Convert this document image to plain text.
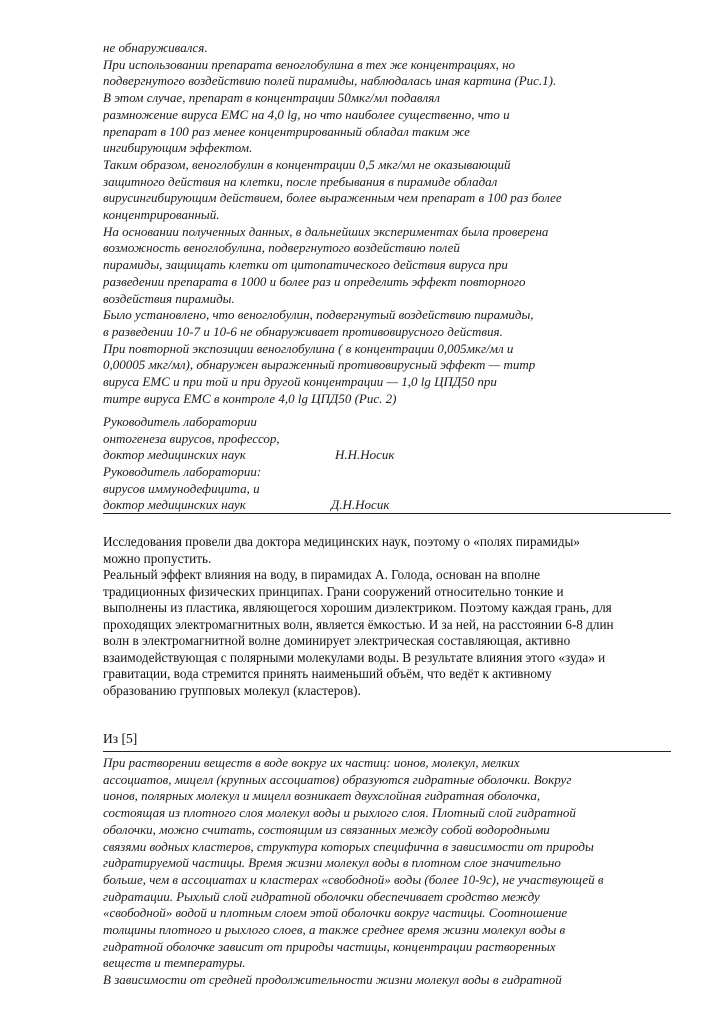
не обнаруживался.
При использовании препарата веноглобулина в тех же концентрациях, но
подвергнутого воздействию полей пирамиды, наблюдалась иная картина (Рис.1).
В этом случае, препарат в концентрации 50мкг/мл подавлял
размножение вируса ЕМС на 4,0 lg, но что наиболее существенно, что и
препарат в 100 раз менее концентрированный обладал таким же
ингибирующим эффектом.
Таким образом, веноглобулин в концентрации 0,5 мкг/мл не оказывающий
защитного действия на клетки, после пребывания в пирамиде обладал
вирусингибирующим действием, более выраженным чем препарат в 100 раз более
концентрированный.
На основании полученных данных, в дальнейших экспериментах была проверена
возможность веноглобулина, подвергнутого воздействию полей
пирамиды, защищать клетки от цитопатического действия вируса при
разведении препарата в 1000 и более раз и определить эффект повторного
воздействия пирамиды.
Было установлено, что веноглобулин, подвергнутый воздействию пирамиды,
в разведении 10-7 и 10-6 не обнаруживает противовирусного действия.
При повторной экспозиции веноглобулина ( в концентрации 0,005мкг/мл и
0,00005 мкг/мл), обнаружен выраженный противовирусный эффект — титр
вируса ЕМС и при той и при другой концентрации — 1,0 lg ЦПД50 при
титре вируса ЕМС в контроле 4,0 lg ЦПД50 (Рис. 2)
Руководитель лаборатории
онтогенеза вирусов, профессор,
доктор медицинских наук	Н.Н.Носик
Руководитель лаборатории:
вирусов иммунодефицита, и
доктор медицинских наук	Д.Н.Носик
Исследования провели два доктора медицинских наук, поэтому о «полях пирамиды»
можно пропустить.
Реальный эффект влияния на воду, в пирамидах А. Голода, основан на вполне
традиционных физических принципах. Грани сооружений относительно тонкие и
выполнены из пластика, являющегося хорошим диэлектриком. Поэтому каждая грань, для
проходящих электромагнитных волн, является ёмкостью. И за ней, на расстоянии 6-8 длин
волн в электромагнитной волне доминирует электрическая составляющая, активно
взаимодействующая с полярными молекулами воды. В результате влияния этого «зуда» и
гравитации, вода стремится принять наименьший объём, что ведёт к активному
образованию групповых молекул (кластеров).
Из [5]
При растворении веществ в воде вокруг их частиц: ионов, молекул, мелких
ассоциатов, мицелл (крупных ассоциатов) образуются гидратные оболочки. Вокруг
ионов, полярных молекул и мицелл возникает двухслойная гидратная оболочка,
состоящая из плотного слоя молекул воды и рыхлого слоя. Плотный слой гидратной
оболочки, можно считать, состоящим из связанных между собой водородными
связями водных кластеров, структура которых специфична в зависимости от природы
гидратируемой частицы. Время жизни молекул воды в плотном слое значительно
больше, чем в ассоциатах и кластерах «свободной» воды (более 10-9с), не участвующей в
гидратации. Рыхлый слой гидратной оболочки обеспечивает сродство между
«свободной» водой и плотным слоем этой оболочки вокруг частицы. Соотношение
толщины плотного и рыхлого слоев, а также среднее время жизни молекул воды в
гидратной оболочке зависит от природы частицы, концентрации растворенных
веществ и температуры.
В зависимости от средней продолжительности жизни молекул воды в гидратной
